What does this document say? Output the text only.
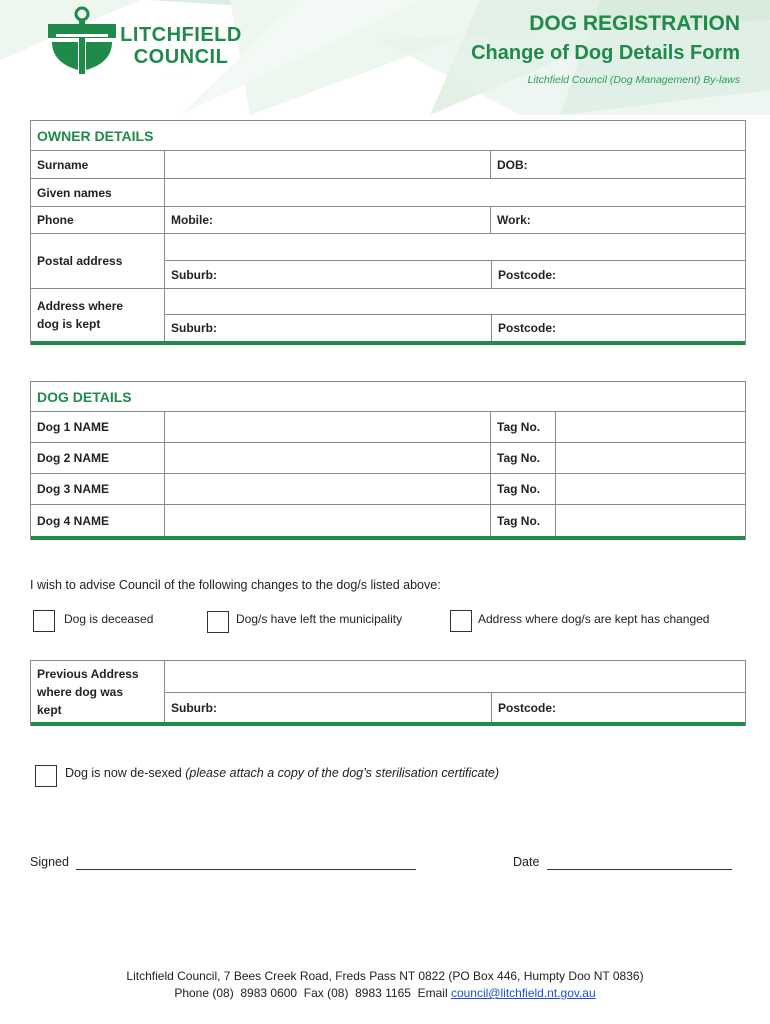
LITCHFIELD
COUNCIL
DOG REGISTRATION
Change of Dog Details Form
Litchfield Council (Dog Management) By-laws
OWNER DETAILS
Surname	DOB:
Given names
Phone	Mobile:	Work:
Postal address
Suburb:	Postcode:
Address where
dog is kept	Suburb:	Postcode:
DOG DETAILS
Dog 1 NAME	Tag No.
Dog 2 NAME	Tag No.
Dog 3 NAME	Tag No.
Dog 4 NAME	Tag No.
I wish to advise Council of the following changes to the dog/s listed above:
Dog is deceased	Dog/s have left the municipality	Address where dog/s are kept has changed
Previous Address
where dog was
kept	Suburb:	Postcode:
Dog is now de-sexed (please attach a copy of the dog’s sterilisation certificate)
Signed	Date
Litchfield Council, 7 Bees Creek Road, Freds Pass NT 0822 (PO Box 446, Humpty Doo NT 0836)
Phone (08)  8983 0600  Fax (08)  8983 1165  Email council@litchfield.nt.gov.au
